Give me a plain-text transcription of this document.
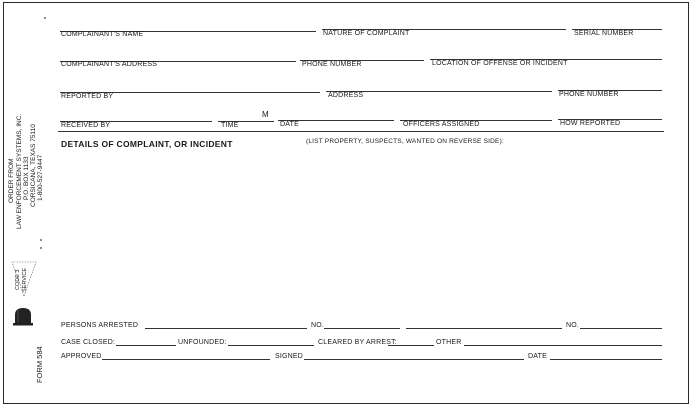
COMPLAINANT'S NAME	NATURE OF COMPLAINT	SERIAL NUMBER
COMPLAINANT'S ADDRESS	PHONE NUMBER	LOCATION OF OFFENSE OR INCIDENT
REPORTED BY	ADDRESS	PHONE NUMBER
M
RECEIVED BY	TIME	DATE	OFFICERS ASSIGNED	HOW REPORTED
DETAILS OF COMPLAINT, OR INCIDENT	(LIST PROPERTY, SUSPECTS, WANTED ON REVERSE SIDE):
PERSONS ARRESTED	NO.	NO.
CASE CLOSED:	UNFOUNDED:	CLEARED BY ARREST:	OTHER
APPROVED	SIGNED	DATE
ORDER FROM LAW ENFORCEMENT SYSTEMS, INC. P.O. BOX 1133 CORSICANA, TEXAS 75110 1-800-527-9447
CODE 3 SERVICE
FORM 584
